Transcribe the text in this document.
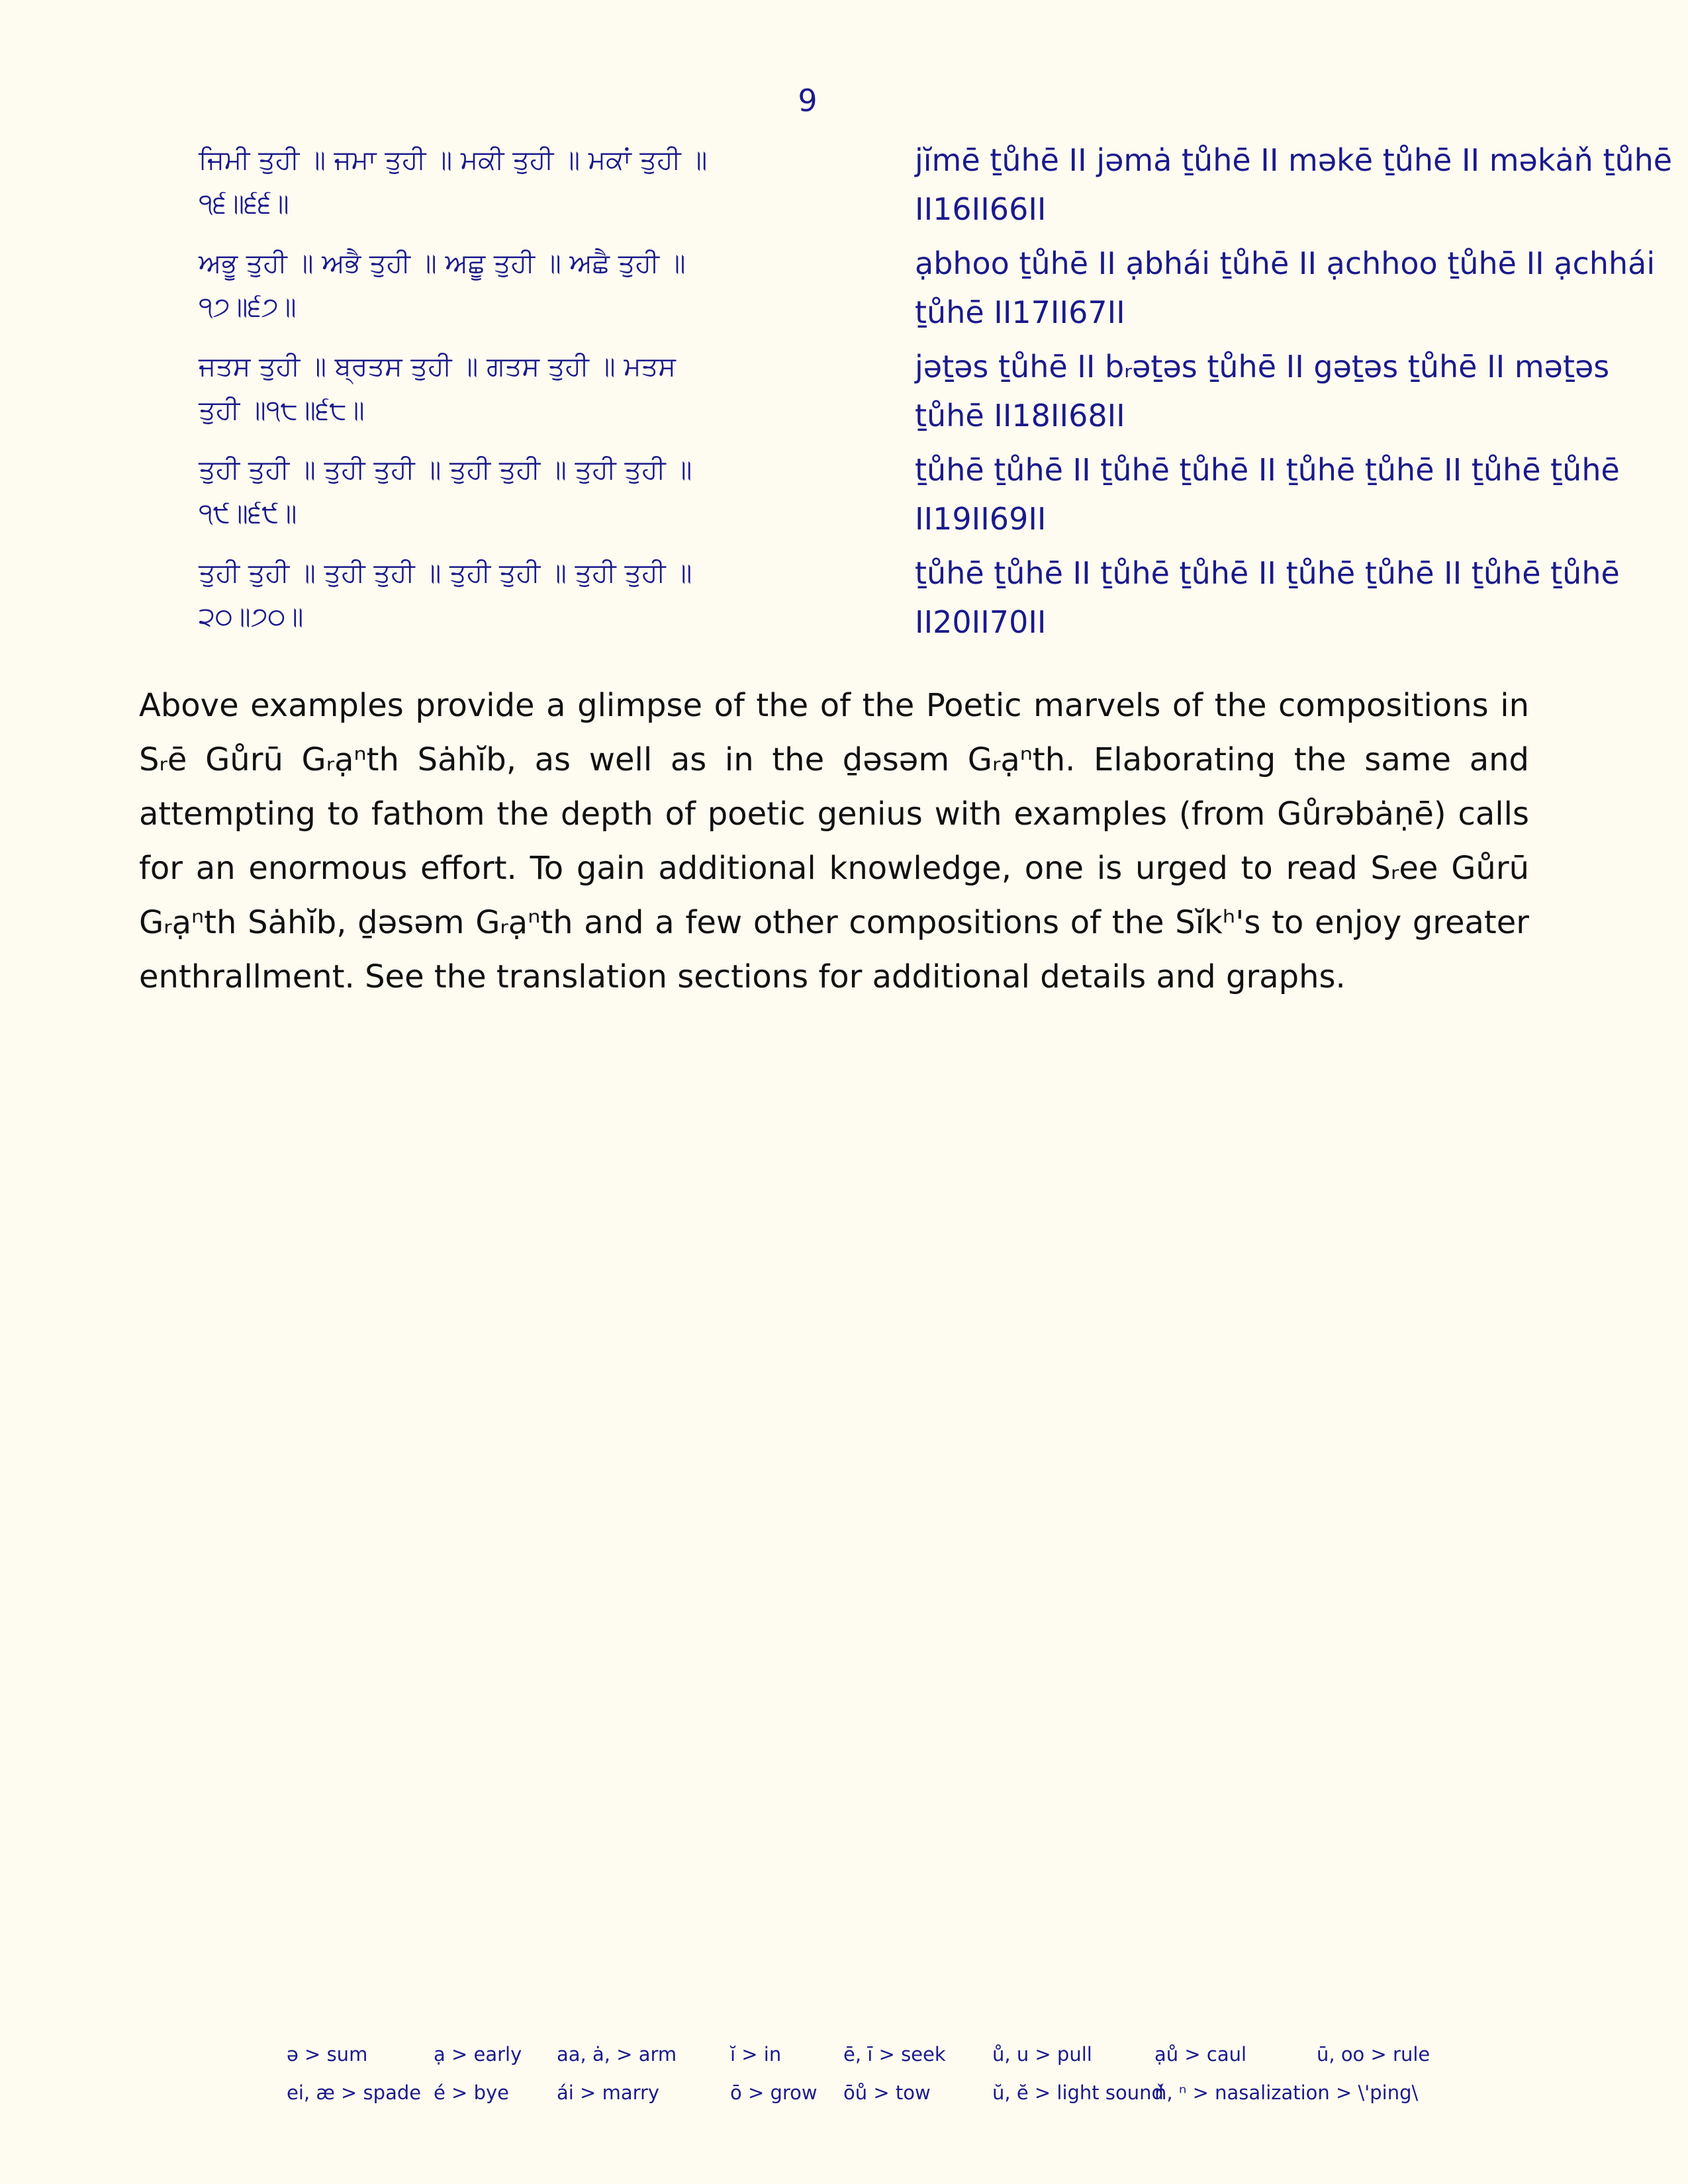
9
ਜਿਮੀ ਤੁਹੀ ॥ ਜਮਾ ਤੁਹੀ ॥ ਮਕੀ ਤੁਹੀ ॥ ਮਕਾਂ ਤੁਹੀ ॥੧੬॥੬੬॥
jĭmē ṯůhē II jəmȧ ṯůhē II məkē ṯůhē II məkȧň ṯůhē II16II66II
ਅਭੂ ਤੁਹੀ ॥ ਅਭੈ ਤੁਹੀ ॥ ਅਛੂ ਤੁਹੀ ॥ ਅਛੈ ਤੁਹੀ ॥੧੭॥੬੭॥
ạbhoo ṯůhē II ạbhái ṯůhē II ạchhoo ṯůhē II ạchhái ṯůhē II17II67II
ਜਤਸ ਤੁਹੀ ॥ ਬ੍ਰਤਸ ਤੁਹੀ ॥ ਗਤਸ ਤੁਹੀ ॥ ਮਤਸ ਤੁਹੀ ॥੧੮॥੬੮॥
jəṯəs ṯůhē II bᵣəṯəs ṯůhē II gəṯəs ṯůhē II məṯəs ṯůhē II18II68II
ਤੁਹੀ ਤੁਹੀ ॥ ਤੁਹੀ ਤੁਹੀ ॥ ਤੁਹੀ ਤੁਹੀ ॥ ਤੁਹੀ ਤੁਹੀ ॥੧੯॥੬੯॥
ṯůhē ṯůhē II ṯůhē ṯůhē II ṯůhē ṯůhē II ṯůhē ṯůhē II19II69II
ਤੁਹੀ ਤੁਹੀ ॥ ਤੁਹੀ ਤੁਹੀ ॥ ਤੁਹੀ ਤੁਹੀ ॥ ਤੁਹੀ ਤੁਹੀ ॥੨੦॥੭੦॥
ṯůhē ṯůhē II ṯůhē ṯůhē II ṯůhē ṯůhē II ṯůhē ṯůhē II20II70II
Above examples provide a glimpse of the of the Poetic marvels of the compositions in Sᵣē Gůrū Gᵣạⁿth Sȧhĭb, as well as in the ḏəsəm Gᵣạⁿth. Elaborating the same and attempting to fathom the depth of poetic genius with examples (from Gůrəbȧṇē) calls for an enormous effort. To gain additional knowledge, one is urged to read Sᵣee Gůrū Gᵣạⁿth Sȧhĭb, ḏəsəm Gᵣạⁿth and a few other compositions of the Sĭkʰ's to enjoy greater enthrallment. See the translation sections for additional details and graphs.
ə > sum	ạ > early	aa, ȧ, > arm	ĭ > in	ē, ī > seek	ů, u > pull	ạů > caul	ū, oo > rule
ei, æ > spade é > bye	ái > marry	ō > grow	ōů > tow	ŭ, ĕ > light sound
ň, ⁿ > nasalization > \'ping\
